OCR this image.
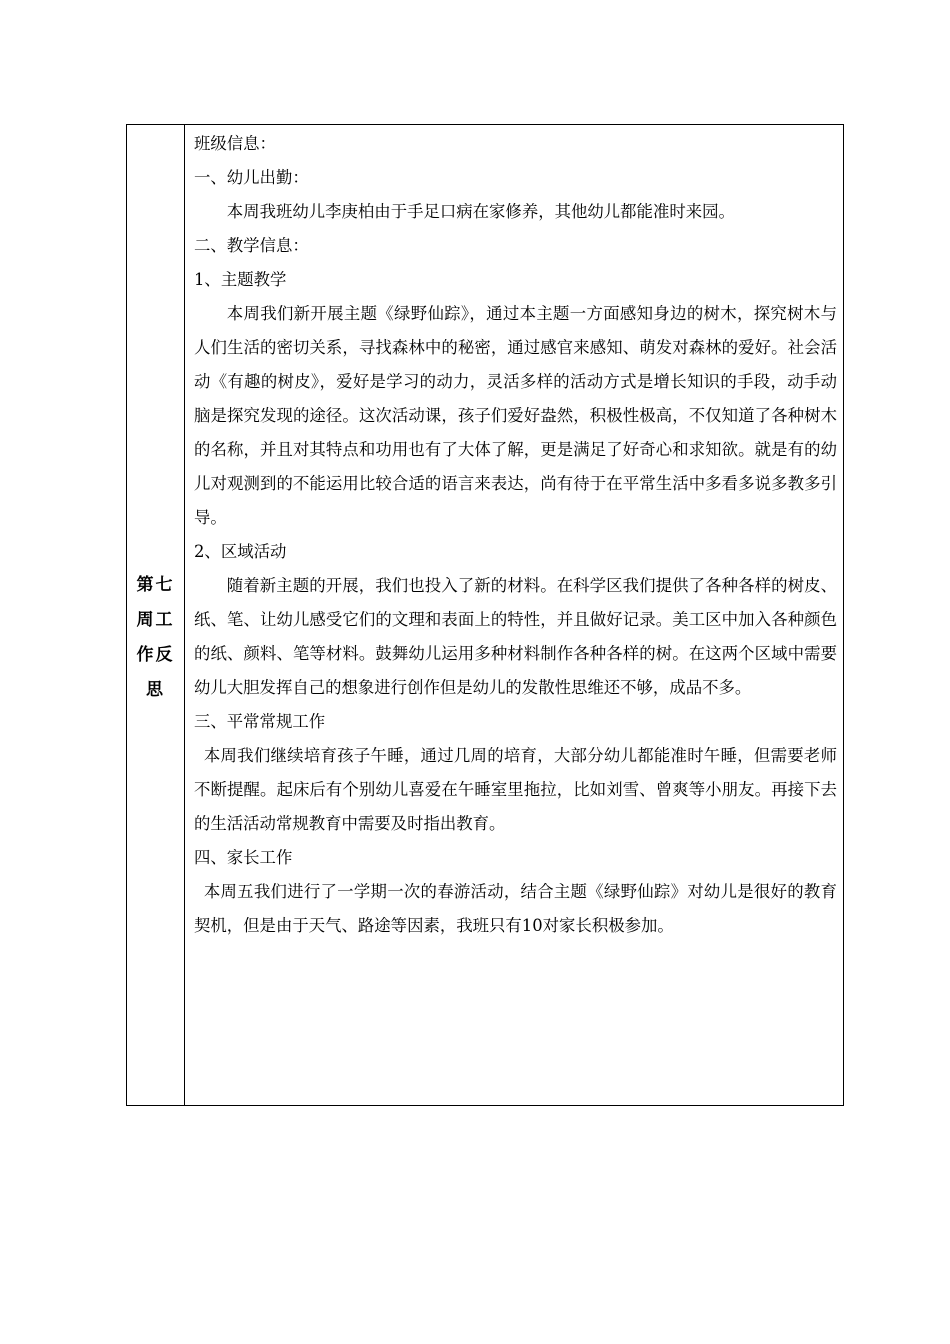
第七周工作反思

班级信息：

一、幼儿出勤：

本周我班幼儿李庚柏由于手足口病在家修养，其他幼儿都能准时来园。

二、教学信息：

1、主题教学

本周我们新开展主题《绿野仙踪》，通过本主题一方面感知身边的树木，探究树木与人们生活的密切关系，寻找森林中的秘密，通过感官来感知、萌发对森林的爱好。社会活动《有趣的树皮》，爱好是学习的动力，灵活多样的活动方式是增长知识的手段，动手动脑是探究发现的途径。这次活动课，孩子们爱好盎然，积极性极高，不仅知道了各种树木的名称，并且对其特点和功用也有了大体了解，更是满足了好奇心和求知欲。就是有的幼儿对观测到的不能运用比较合适的语言来表达，尚有待于在平常生活中多看多说多教多引导。

2、区域活动

随着新主题的开展，我们也投入了新的材料。在科学区我们提供了各种各样的树皮、纸、笔、让幼儿感受它们的文理和表面上的特性，并且做好记录。美工区中加入各种颜色的纸、颜料、笔等材料。鼓舞幼儿运用多种材料制作各种各样的树。在这两个区域中需要幼儿大胆发挥自己的想象进行创作但是幼儿的发散性思维还不够，成品不多。

三、平常常规工作

本周我们继续培育孩子午睡，通过几周的培育，大部分幼儿都能准时午睡，但需要老师不断提醒。起床后有个别幼儿喜爱在午睡室里拖拉，比如刘雪、曾爽等小朋友。再接下去的生活活动常规教育中需要及时指出教育。

四、家长工作

本周五我们进行了一学期一次的春游活动，结合主题《绿野仙踪》对幼儿是很好的教育契机，但是由于天气、路途等因素，我班只有10对家长积极参加。
